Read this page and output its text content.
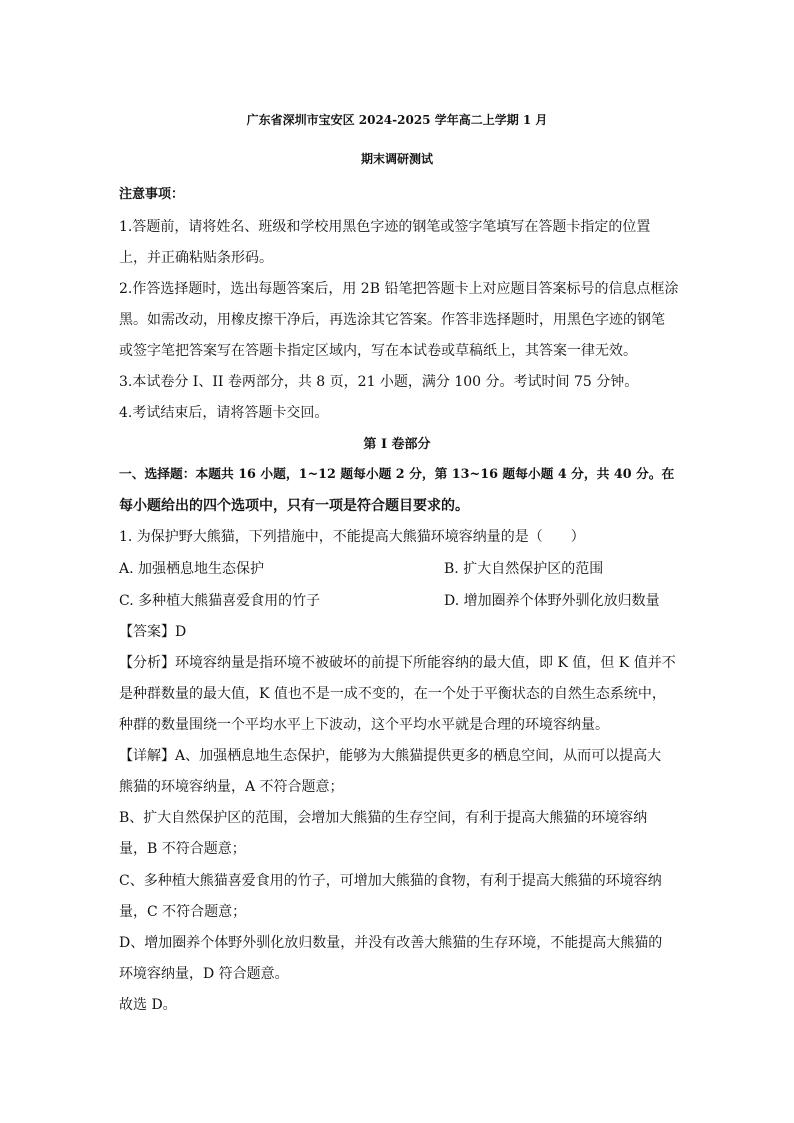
广东省深圳市宝安区 2024-2025 学年高二上学期 1 月
期末调研测试
注意事项：
1.答题前，请将姓名、班级和学校用黑色字迹的钢笔或签字笔填写在答题卡指定的位置
上，并正确粘贴条形码。
2.作答选择题时，选出每题答案后，用 2B 铅笔把答题卡上对应题目答案标号的信息点框涂
黑。如需改动，用橡皮擦干净后，再选涂其它答案。作答非选择题时，用黑色字迹的钢笔
或签字笔把答案写在答题卡指定区域内，写在本试卷或草稿纸上，其答案一律无效。
3.本试卷分 I、II 卷两部分，共 8 页，21 小题，满分 100 分。考试时间 75 分钟。
4.考试结束后，请将答题卡交回。
第 I 卷部分
一、选择题：本题共 16 小题，1~12 题每小题 2 分，第 13~16 题每小题 4 分，共 40 分。在
每小题给出的四个选项中，只有一项是符合题目要求的。
1. 为保护野大熊猫，下列措施中，不能提高大熊猫环境容纳量的是（　　）
A. 加强栖息地生态保护	B. 扩大自然保护区的范围
C. 多种植大熊猫喜爱食用的竹子	D. 增加圈养个体野外驯化放归数量
【答案】D
【分析】环境容纳量是指环境不被破坏的前提下所能容纳的最大值，即 K 值，但 K 值并不
是种群数量的最大值，K 值也不是一成不变的，在一个处于平衡状态的自然生态系统中，
种群的数量围绕一个平均水平上下波动，这个平均水平就是合理的环境容纳量。
【详解】A、加强栖息地生态保护，能够为大熊猫提供更多的栖息空间，从而可以提高大
熊猫的环境容纳量，A 不符合题意；
B、扩大自然保护区的范围，会增加大熊猫的生存空间，有利于提高大熊猫的环境容纳
量，B 不符合题意；
C、多种植大熊猫喜爱食用的竹子，可增加大熊猫的食物，有利于提高大熊猫的环境容纳
量，C 不符合题意；
D、增加圈养个体野外驯化放归数量，并没有改善大熊猫的生存环境，不能提高大熊猫的
环境容纳量，D 符合题意。
故选 D。
